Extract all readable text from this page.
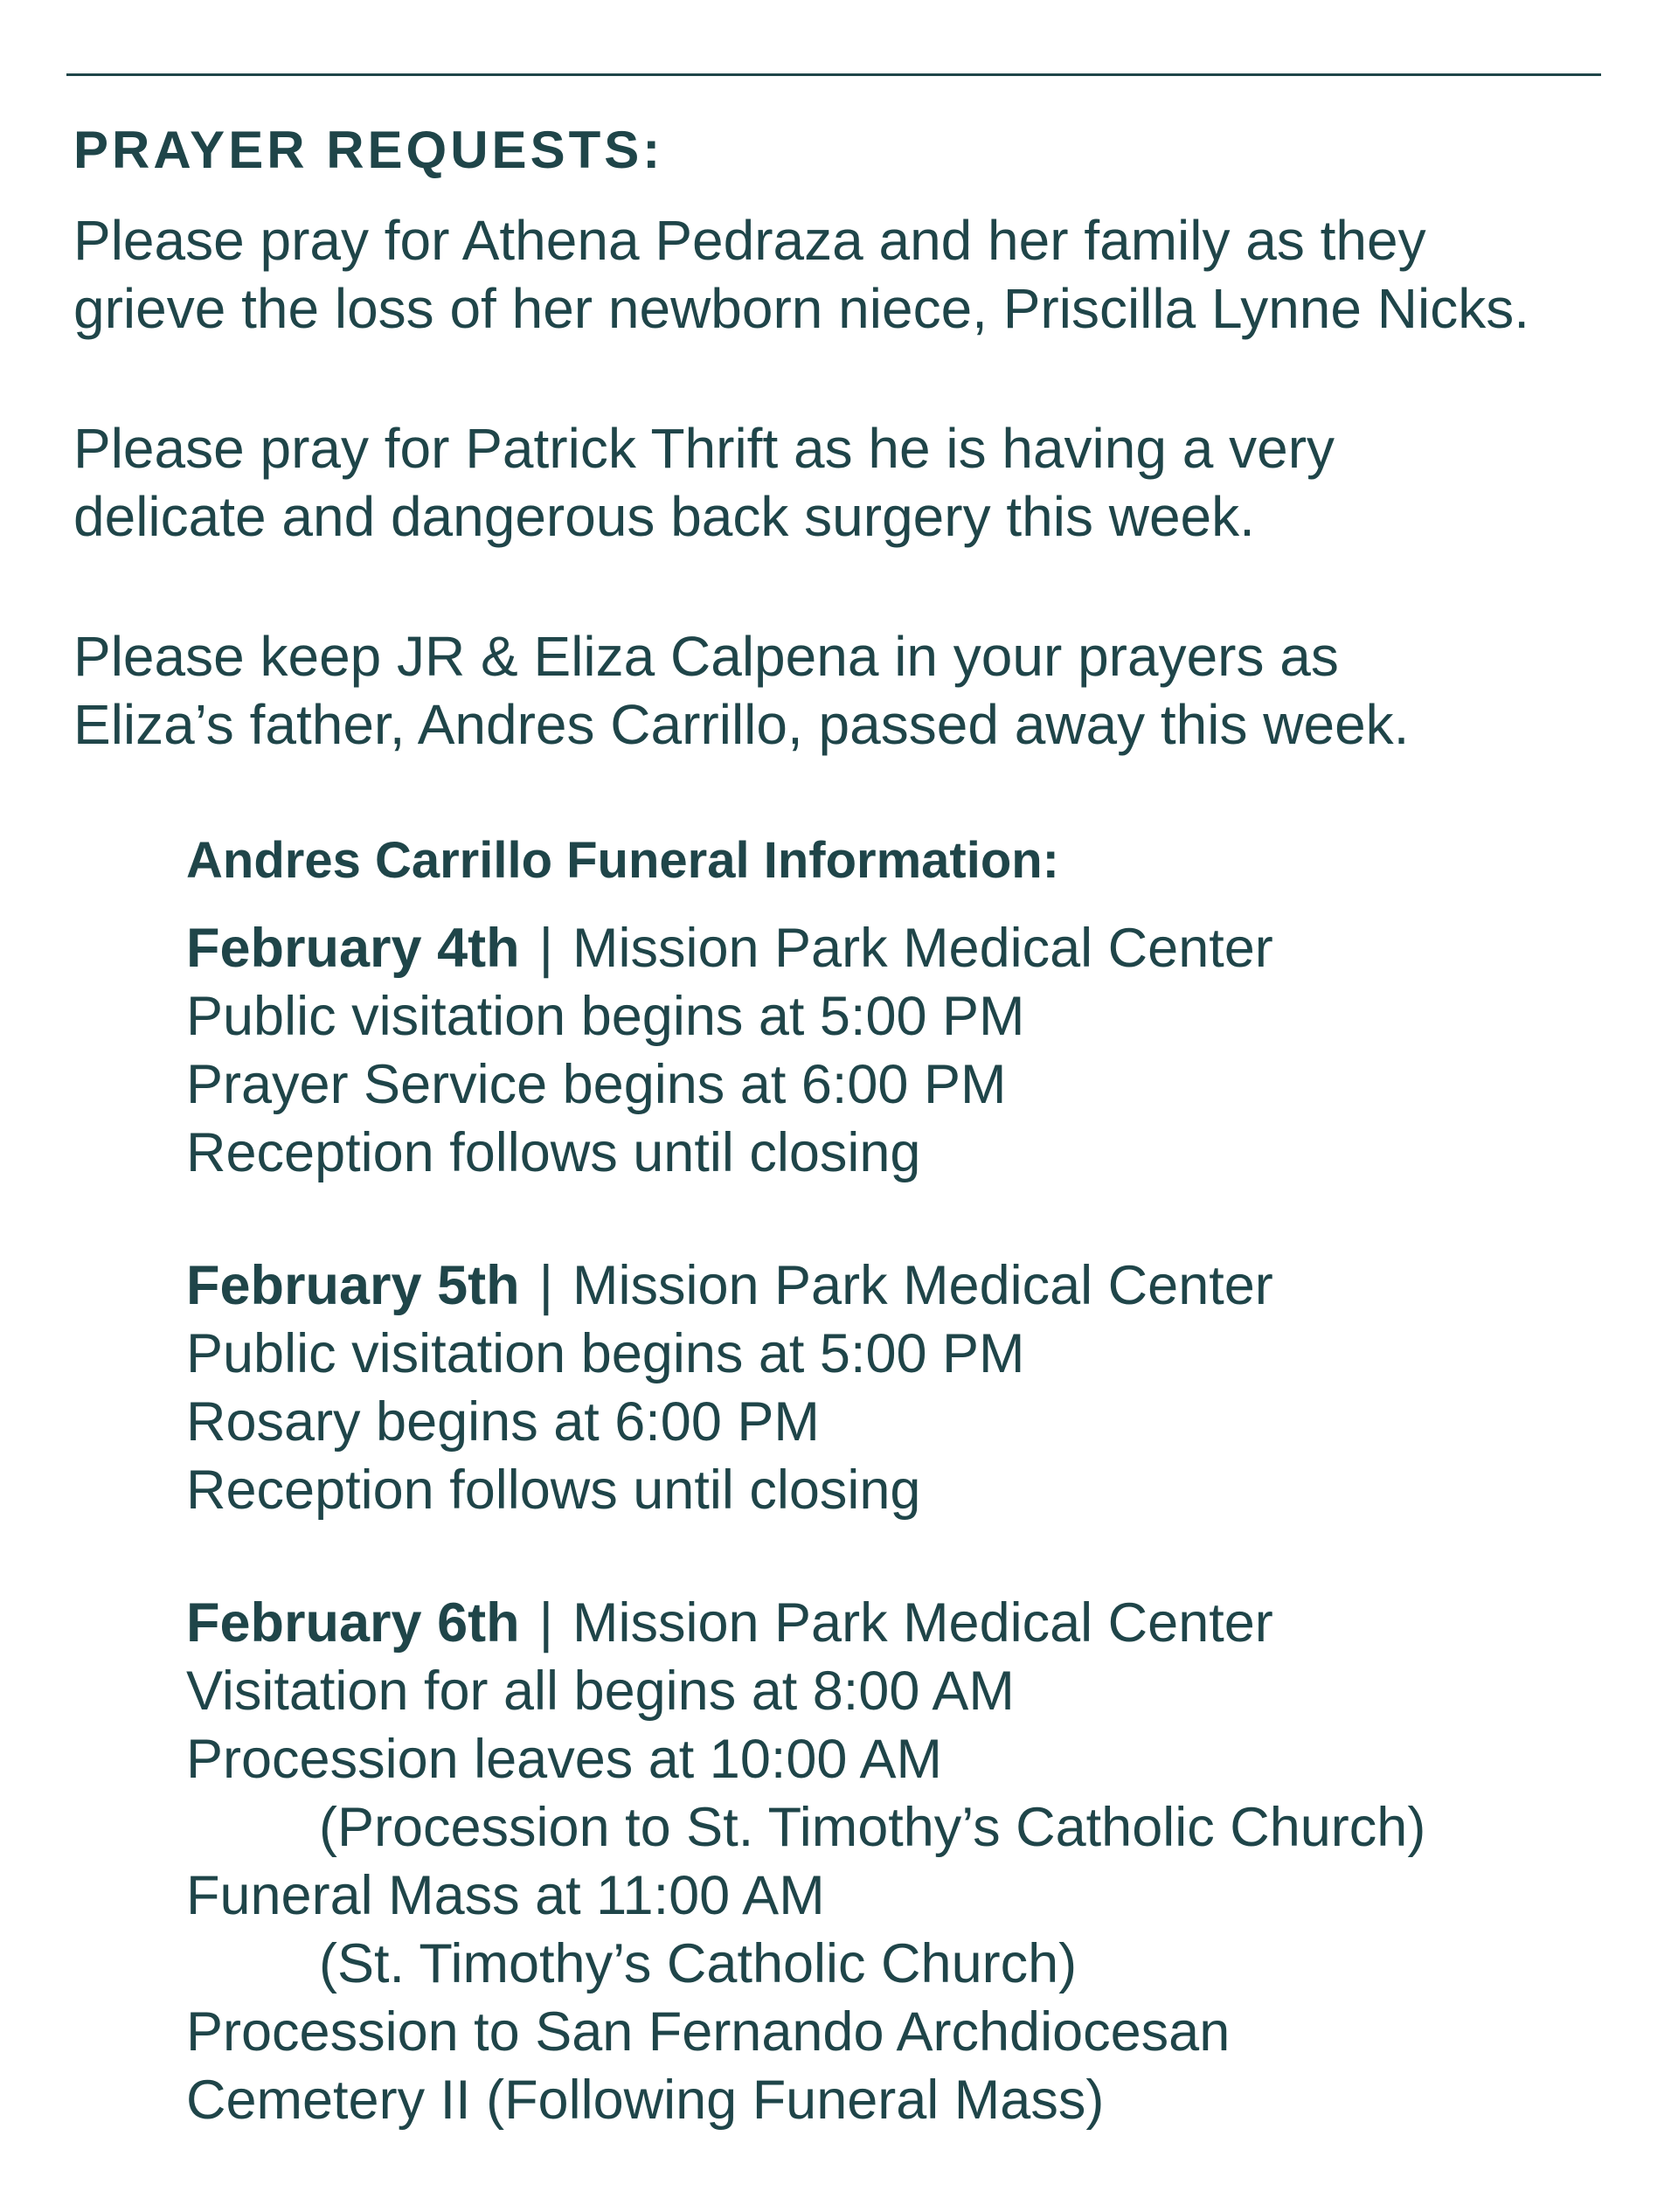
PRAYER REQUESTS:

Please pray for Athena Pedraza and her family as they
grieve the loss of her newborn niece, Priscilla Lynne Nicks.

Please pray for Patrick Thrift as he is having a very
delicate and dangerous back surgery this week.

Please keep JR & Eliza Calpena in your prayers as
Eliza’s father, Andres Carrillo, passed away this week.

Andres Carrillo Funeral Information:

February 4th | Mission Park Medical Center
Public visitation begins at 5:00 PM
Prayer Service begins at 6:00 PM
Reception follows until closing

February 5th | Mission Park Medical Center
Public visitation begins at 5:00 PM
Rosary begins at 6:00 PM
Reception follows until closing

February 6th | Mission Park Medical Center
Visitation for all begins at 8:00 AM
Procession leaves at 10:00 AM
(Procession to St. Timothy’s Catholic Church)
Funeral Mass at 11:00 AM
(St. Timothy’s Catholic Church)
Procession to San Fernando Archdiocesan
Cemetery II (Following Funeral Mass)
